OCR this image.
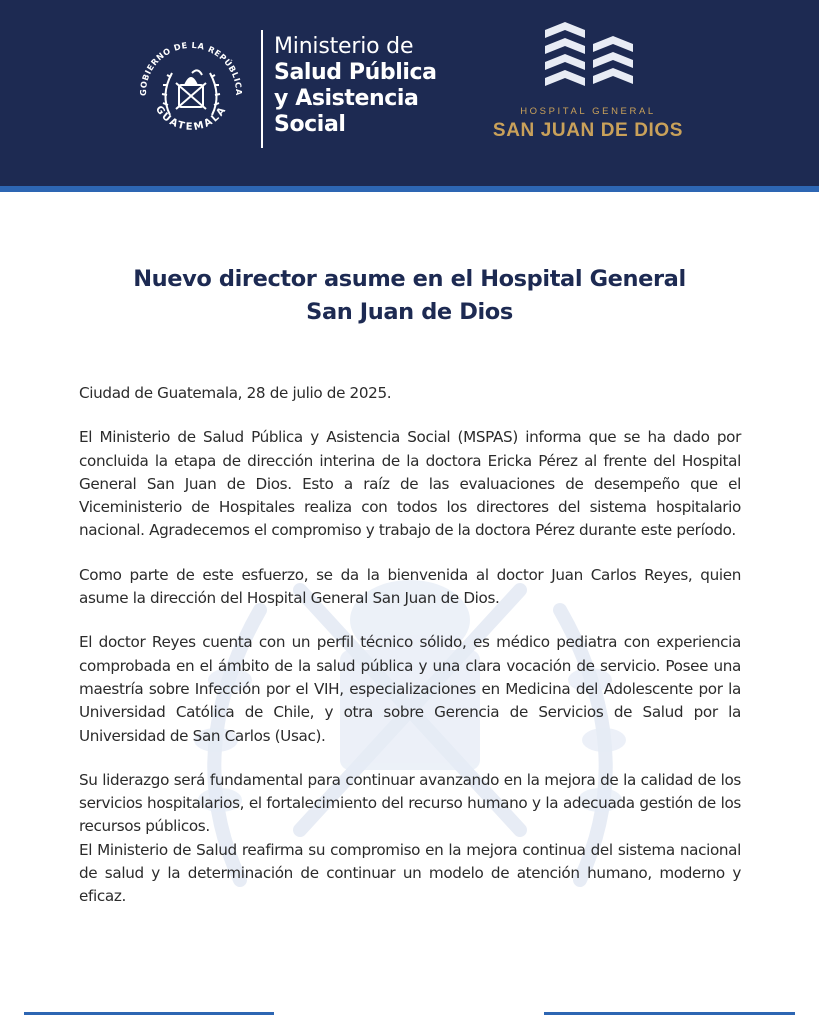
GOBIERNO DE LA REPÚBLICA
GUATEMALA
Ministerio de
Salud Pública
y Asistencia
Social
HOSPITAL GENERAL
SAN JUAN DE DIOS
Nuevo director asume en el Hospital General
San Juan de Dios

Ciudad de Guatemala, 28 de julio de 2025.

El Ministerio de Salud Pública y Asistencia Social (MSPAS) informa que se ha dado por concluida la etapa de dirección interina de la doctora Ericka Pérez al frente del Hospital General San Juan de Dios. Esto a raíz de las evaluaciones de desempeño que el Viceministerio de Hospitales realiza con todos los directores del sistema hospitalario nacional. Agradecemos el compromiso y trabajo de la doctora Pérez durante este período.

Como parte de este esfuerzo, se da la bienvenida al doctor Juan Carlos Reyes, quien asume la dirección del Hospital General San Juan de Dios.

El doctor Reyes cuenta con un perfil técnico sólido, es médico pediatra con experiencia comprobada en el ámbito de la salud pública y una clara vocación de servicio. Posee una maestría sobre Infección por el VIH, especializaciones en Medicina del Adolescente por la Universidad Católica de Chile, y otra sobre Gerencia de Servicios de Salud por la Universidad de San Carlos (Usac).

Su liderazgo será fundamental para continuar avanzando en la mejora de la calidad de los servicios hospitalarios, el fortalecimiento del recurso humano y la adecuada gestión de los recursos públicos.

El Ministerio de Salud reafirma su compromiso en la mejora continua del sistema nacional de salud y la determinación de continuar un modelo de atención humano, moderno y eficaz.
